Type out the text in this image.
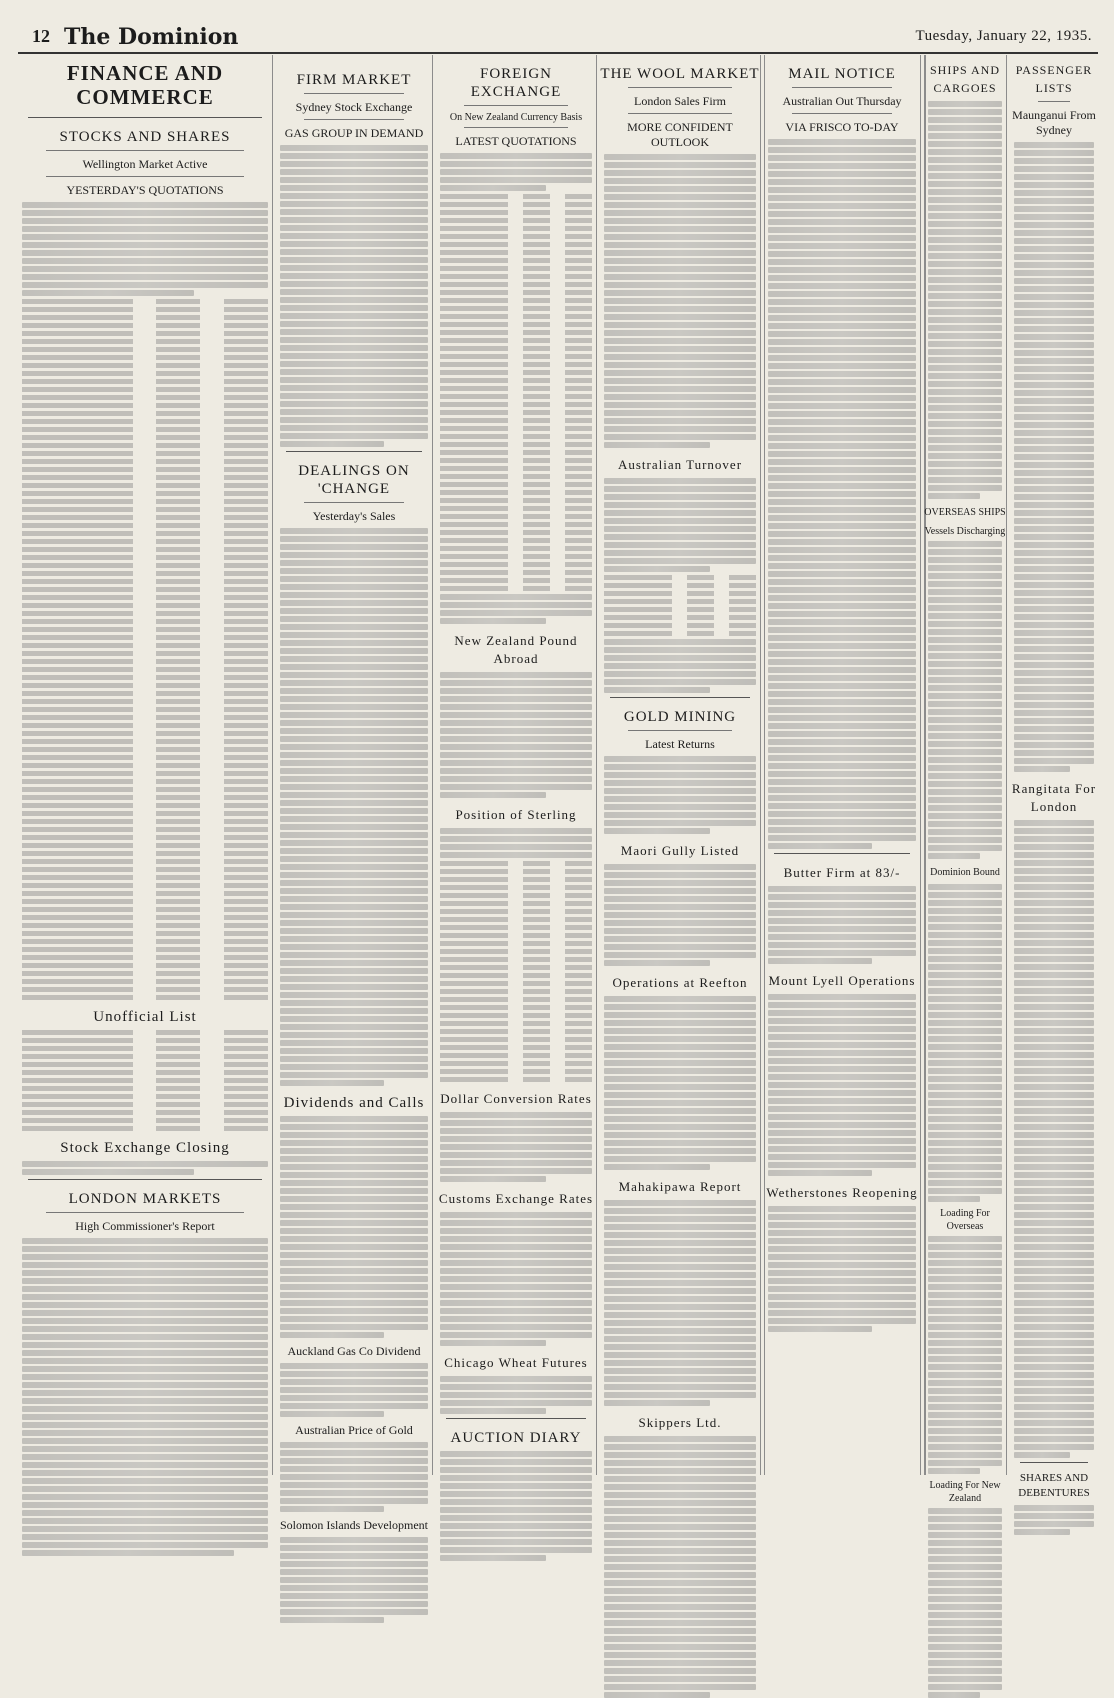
12 The Dominion	Tuesday, January 22, 1935.
FINANCE AND COMMERCE
STOCKS AND SHARES
Wellington Market Active
YESTERDAY'S QUOTATIONS
Unofficial List
Stock Exchange Closing
LONDON MARKETS
High Commissioner's Report
FIRM MARKET
Sydney Stock Exchange
GAS GROUP IN DEMAND
DEALINGS ON 'CHANGE
Yesterday's Sales
Dividends and Calls
Auckland Gas Co Dividend
Australian Price of Gold
Solomon Islands Development
FOREIGN EXCHANGE
On New Zealand Currency Basis
LATEST QUOTATIONS
New Zealand Pound Abroad
Position of Sterling
Dollar Conversion Rates
Customs Exchange Rates
Chicago Wheat Futures
AUCTION DIARY
THE WOOL MARKET
London Sales Firm
MORE CONFIDENT OUTLOOK
Australian Turnover
GOLD MINING
Latest Returns
Maori Gully Listed
Operations at Reefton
Mahakipawa Report
Skippers Ltd.
MAIL NOTICE
Australian Out Thursday
VIA FRISCO TO-DAY
Butter Firm at 83/-
Mount Lyell Operations
Wetherstones Reopening
PASSENGER LISTS
Maunganui From Sydney
Rangitata For London
SHARES AND DEBENTURES
SHIPS AND CARGOES
OVERSEAS SHIPS
Vessels Discharging
Dominion Bound
Loading For Overseas
Loading For New Zealand
